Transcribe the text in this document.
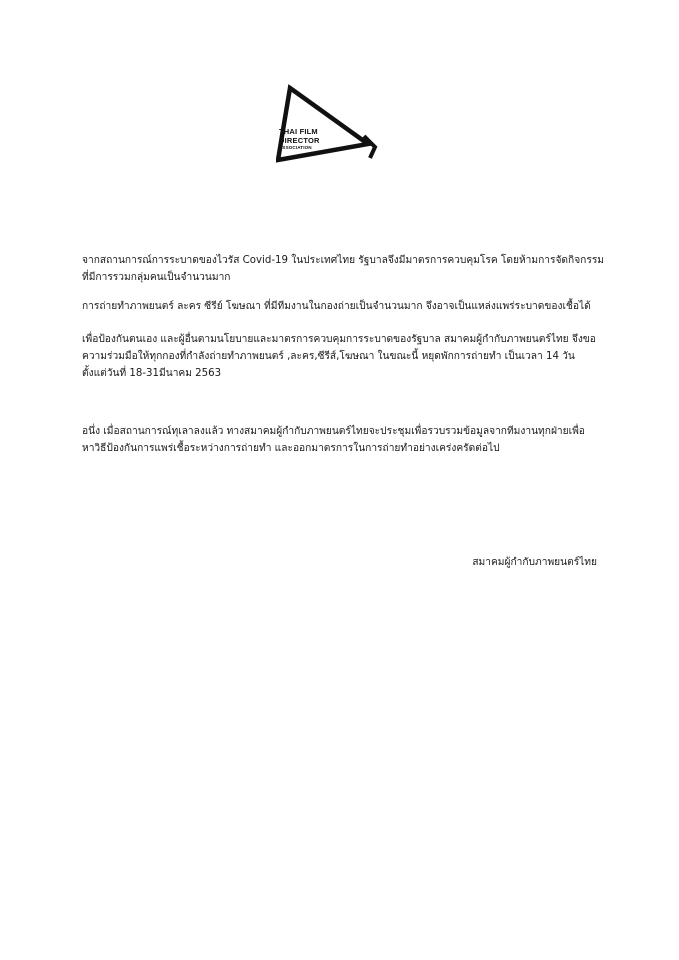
THAI FILM
DIRECTOR
ASSOCIATION

จากสถานการณ์การระบาดของไวรัส Covid-19 ในประเทศไทย รัฐบาลจึงมีมาตรการควบคุมโรค โดยห้ามการจัดกิจกรรม
ที่มีการรวมกลุ่มคนเป็นจำนวนมาก

การถ่ายทำภาพยนตร์ ละคร ซีรีย์ โฆษณา ที่มีทีมงานในกองถ่ายเป็นจำนวนมาก จึงอาจเป็นแหล่งแพร่ระบาดของเชื้อได้

เพื่อป้องกันตนเอง และผู้อื่นตามนโยบายและมาตรการควบคุมการระบาดของรัฐบาล สมาคมผู้กำกับภาพยนตร์ไทย จึงขอ
ความร่วมมือให้ทุกกองที่กำลังถ่ายทำภาพยนตร์ ,ละคร,ซีรีส์,โฆษณา ในขณะนี้ หยุดพักการถ่ายทำ เป็นเวลา 14 วัน
ตั้งแต่วันที่ 18-31มีนาคม 2563

อนึ่ง เมื่อสถานการณ์ทุเลาลงแล้ว ทางสมาคมผู้กำกับภาพยนตร์ไทยจะประชุมเพื่อรวบรวมข้อมูลจากทีมงานทุกฝ่ายเพื่อ
หาวิธีป้องกันการแพร่เชื้อระหว่างการถ่ายทำ และออกมาตรการในการถ่ายทำอย่างเคร่งครัดต่อไป

สมาคมผู้กำกับภาพยนตร์ไทย
